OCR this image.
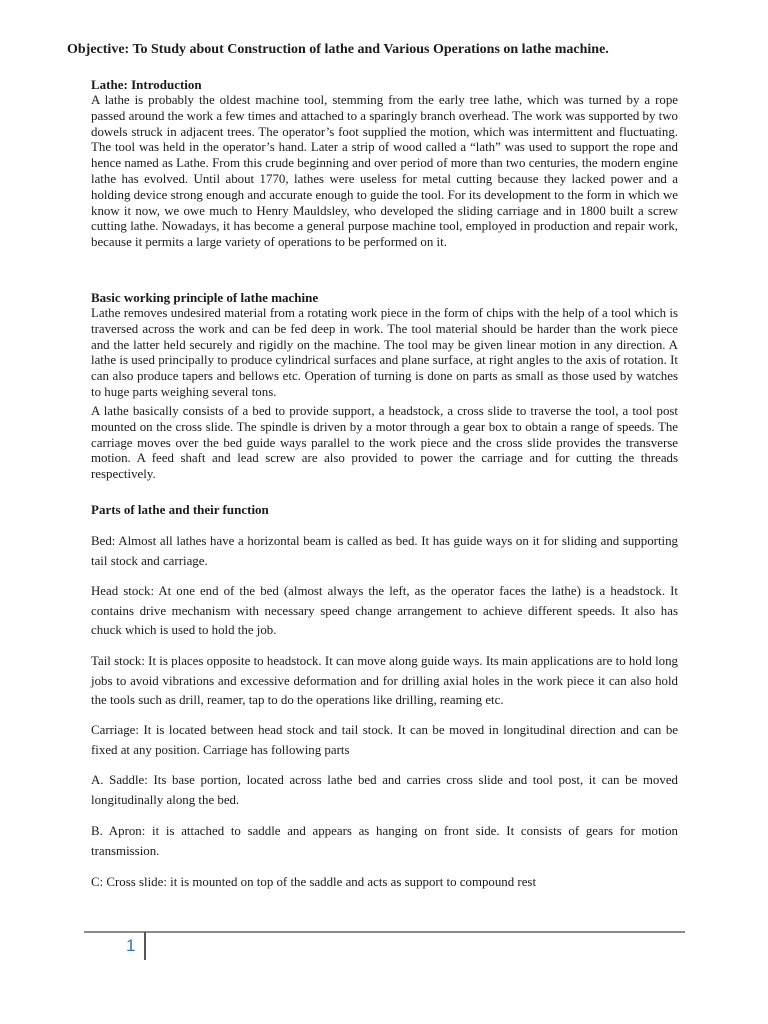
Objective: To Study about Construction of lathe and Various Operations on lathe machine.
Lathe: Introduction
A lathe is probably the oldest machine tool, stemming from the early tree lathe, which was turned by a rope passed around the work a few times and attached to a sparingly branch overhead. The work was supported by two dowels struck in adjacent trees. The operator’s foot supplied the motion, which was intermittent and fluctuating. The tool was held in the operator’s hand. Later a strip of wood called a “lath” was used to support the rope and hence named as Lathe. From this crude beginning and over period of more than two centuries, the modern engine lathe has evolved. Until about 1770, lathes were useless for metal cutting because they lacked power and a holding device strong enough and accurate enough to guide the tool. For its development to the form in which we know it now, we owe much to Henry Mauldsley, who developed the sliding carriage and in 1800 built a screw cutting lathe. Nowadays, it has become a general purpose machine tool, employed in production and repair work, because it permits a large variety of operations to be performed on it.
Basic working principle of lathe machine
Lathe removes undesired material from a rotating work piece in the form of chips with the help of a tool which is traversed across the work and can be fed deep in work. The tool material should be harder than the work piece and the latter held securely and rigidly on the machine. The tool may be given linear motion in any direction. A lathe is used principally to produce cylindrical surfaces and plane surface, at right angles to the axis of rotation. It can also produce tapers and bellows etc. Operation of turning is done on parts as small as those used by watches to huge parts weighing several tons.
A lathe basically consists of a bed to provide support, a headstock, a cross slide to traverse the tool, a tool post mounted on the cross slide. The spindle is driven by a motor through a gear box to obtain a range of speeds. The carriage moves over the bed guide ways parallel to the work piece and the cross slide provides the transverse motion. A feed shaft and lead screw are also provided to power the carriage and for cutting the threads respectively.
Parts of lathe and their function
Bed: Almost all lathes have a horizontal beam is called as bed. It has guide ways on it for sliding and supporting tail stock and carriage.
Head stock: At one end of the bed (almost always the left, as the operator faces the lathe) is a headstock. It contains drive mechanism with necessary speed change arrangement to achieve different speeds. It also has chuck which is used to hold the job.
Tail stock: It is places opposite to headstock. It can move along guide ways. Its main applications are to hold long jobs to avoid vibrations and excessive deformation and for drilling axial holes in the work piece it can also hold the tools such as drill, reamer, tap to do the operations like drilling, reaming etc.
Carriage: It is located between head stock and tail stock. It can be moved in longitudinal direction and can be fixed at any position. Carriage has following parts
A. Saddle: Its base portion, located across lathe bed and carries cross slide and tool post, it can be moved longitudinally along the bed.
B. Apron: it is attached to saddle and appears as hanging on front side. It consists of gears for motion transmission.
C: Cross slide: it is mounted on top of the saddle and acts as support to compound rest
1
